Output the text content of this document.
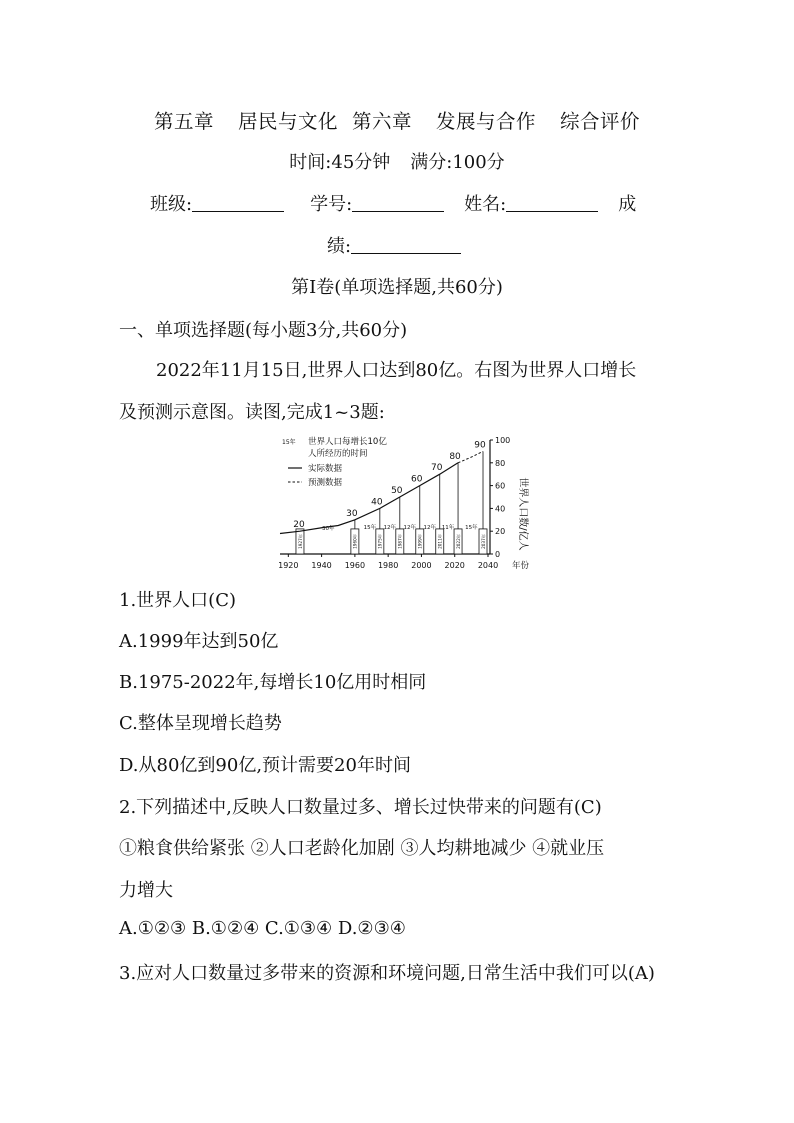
第五章 居民与文化 第六章 发展与合作 综合评价
时间:45分钟 满分:100分
班级:	学号:	姓名:	成
绩:
第Ⅰ卷(单项选择题,共60分)
一、单项选择题(每小题3分,共60分)
2022年11月15日,世界人口达到80亿。右图为世界人口增长
及预测示意图。读图,完成1~3题:
15年 世界人口每增长10亿
人所经历的时间
实际数据
预测数据
0
20
40
60
80
100
1920 1940 1960 1980 2000 2020 2040
1927年
20
1960年
30
1975年
40
1987年
50
1999年
60
2011年
70
2022年
80
2037年
90
30年	15年 12年 12年 12年 11年 15年	世界人口数/亿人
年份
1.世界人口(C)
A.1999年达到50亿
B.1975-2022年,每增长10亿用时相同
C.整体呈现增长趋势
D.从80亿到90亿,预计需要20年时间
2.下列描述中,反映人口数量过多、增长过快带来的问题有(C)
①粮食供给紧张 ②人口老龄化加剧 ③人均耕地减少 ④就业压
力增大
A.①②③ B.①②④ C.①③④ D.②③④
3.应对人口数量过多带来的资源和环境问题,日常生活中我们可以(A)
